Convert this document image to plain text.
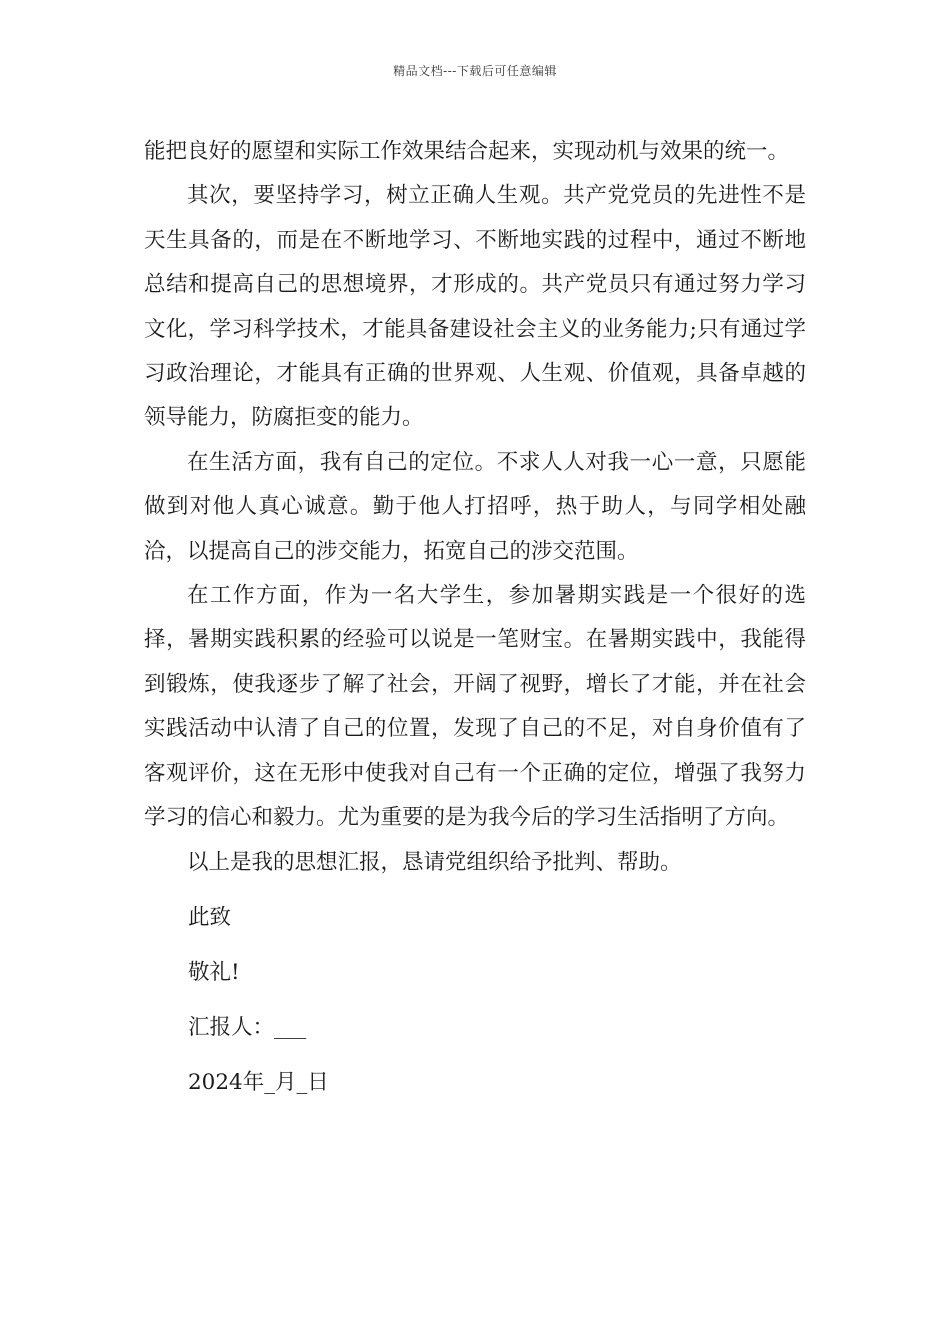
精品文档---下载后可任意编辑

能把良好的愿望和实际工作效果结合起来，实现动机与效果的统一。

其次，要坚持学习，树立正确人生观。共产党党员的先进性不是天生具备的，而是在不断地学习、不断地实践的过程中，通过不断地总结和提高自己的思想境界，才形成的。共产党员只有通过努力学习文化，学习科学技术，才能具备建设社会主义的业务能力;只有通过学习政治理论，才能具有正确的世界观、人生观、价值观，具备卓越的领导能力，防腐拒变的能力。

在生活方面，我有自己的定位。不求人人对我一心一意，只愿能做到对他人真心诚意。勤于他人打招呼，热于助人，与同学相处融洽，以提高自己的涉交能力，拓宽自己的涉交范围。

在工作方面，作为一名大学生，参加暑期实践是一个很好的选择，暑期实践积累的经验可以说是一笔财宝。在暑期实践中，我能得到锻炼，使我逐步了解了社会，开阔了视野，增长了才能，并在社会实践活动中认清了自己的位置，发现了自己的不足，对自身价值有了客观评价，这在无形中使我对自己有一个正确的定位，增强了我努力学习的信心和毅力。尤为重要的是为我今后的学习生活指明了方向。

以上是我的思想汇报，恳请党组织给予批判、帮助。

此致

敬礼!

汇报人：___

2024年_月_日
